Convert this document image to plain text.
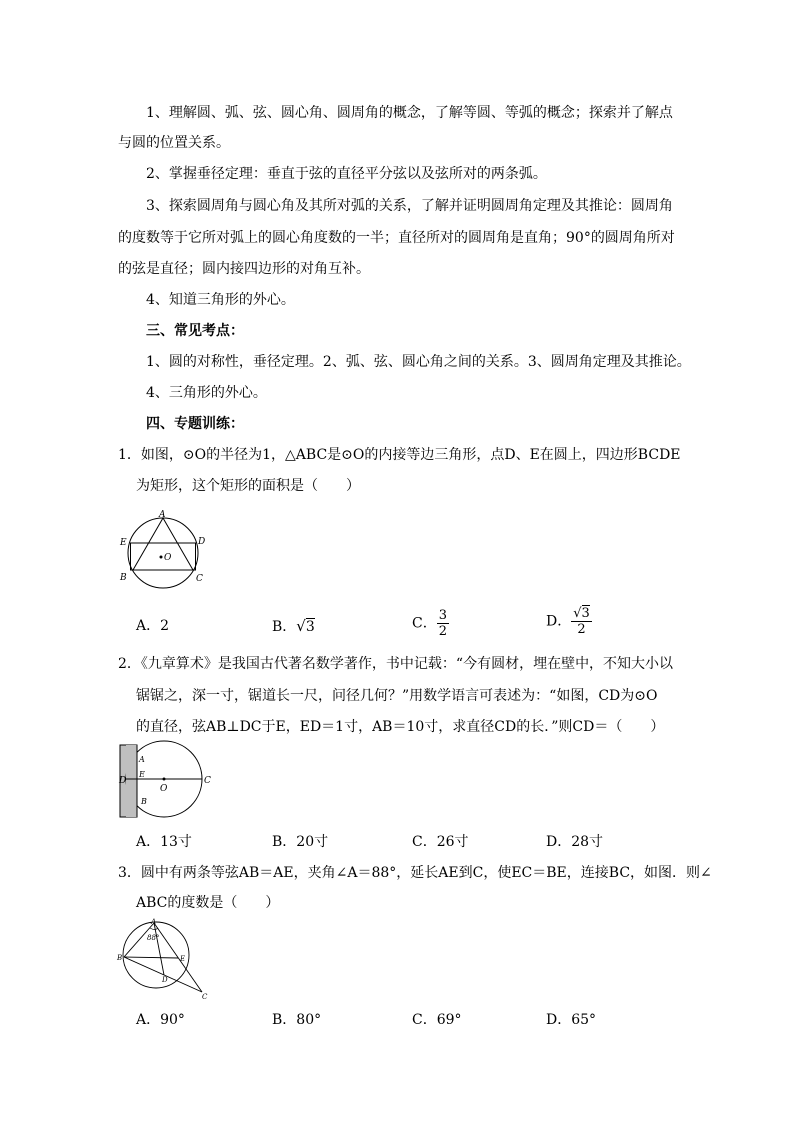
1、理解圆、弧、弦、圆心角、圆周角的概念，了解等圆、等弧的概念；探索并了解点
与圆的位置关系。
2、掌握垂径定理：垂直于弦的直径平分弦以及弦所对的两条弧。
3、探索圆周角与圆心角及其所对弧的关系，了解并证明圆周角定理及其推论：圆周角
的度数等于它所对弧上的圆心角度数的一半；直径所对的圆周角是直角；90°的圆周角所对
的弦是直径；圆内接四边形的对角互补。
4、知道三角形的外心。
三、常见考点：
1、圆的对称性，垂径定理。2、弧、弦、圆心角之间的关系。3、圆周角定理及其推论。
4、三角形的外心。
四、专题训练：
1．如图，⊙O的半径为1，△ABC是⊙O的内接等边三角形，点D、E在圆上，四边形BCDE
为矩形，这个矩形的面积是（　　）
A
E	D
B	C
O
A．2	B．√3	C． $\frac{3}{2}$	D． $\frac{√3}{2}$
2．《九章算术》是我国古代著名数学著作，书中记载：“今有圆材，埋在壁中，不知大小以
锯锯之，深一寸，锯道长一尺，问径几何？”用数学语言可表述为：“如图，CD为⊙O
的直径，弦AB⊥DC于E，ED＝1寸，AB＝10寸，求直径CD的长．”则CD＝（　　）
D
A
E
B
O
C
A．13寸	B．20寸	C．26寸	D．28寸
3．圆中有两条等弦AB＝AE，夹角∠A＝88°，延长AE到C，使EC＝BE，连接BC，如图．则∠
ABC的度数是（　　）
A
88°
B	E
D
C
A．90°	B．80°	C．69°	D．65°
